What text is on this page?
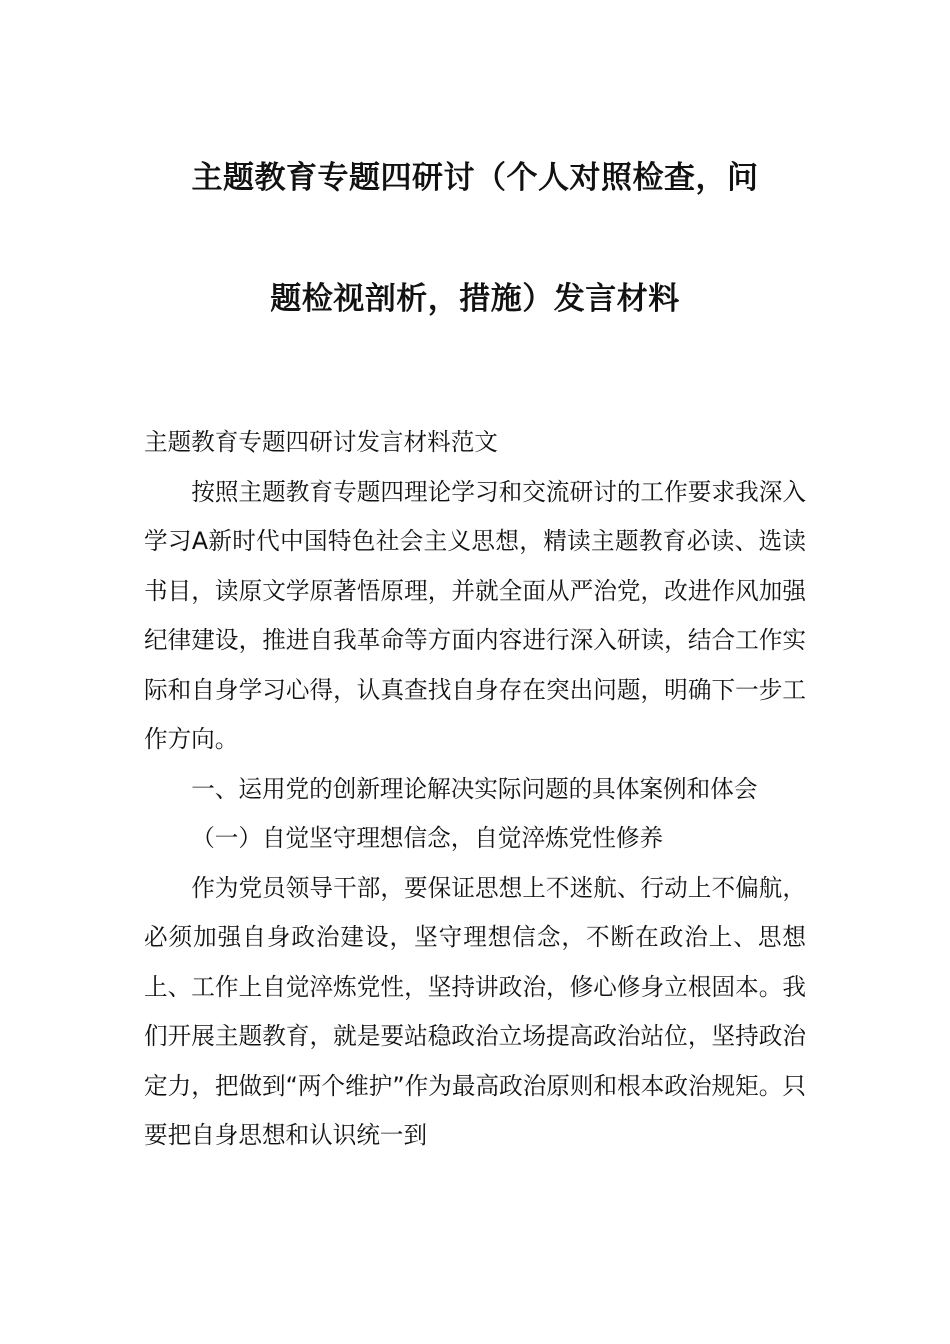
主题教育专题四研讨（个人对照检查，问
题检视剖析，措施）发言材料

主题教育专题四研讨发言材料范文

按照主题教育专题四理论学习和交流研讨的工作要求我深入学习A新时代中国特色社会主义思想，精读主题教育必读、选读书目，读原文学原著悟原理，并就全面从严治党，改进作风加强纪律建设，推进自我革命等方面内容进行深入研读，结合工作实际和自身学习心得，认真查找自身存在突出问题，明确下一步工作方向。

一、运用党的创新理论解决实际问题的具体案例和体会

（一）自觉坚守理想信念，自觉淬炼党性修养

作为党员领导干部，要保证思想上不迷航、行动上不偏航，必须加强自身政治建设，坚守理想信念，不断在政治上、思想上、工作上自觉淬炼党性，坚持讲政治，修心修身立根固本。我们开展主题教育，就是要站稳政治立场提高政治站位，坚持政治定力，把做到“两个维护”作为最高政治原则和根本政治规矩。只要把自身思想和认识统一到
